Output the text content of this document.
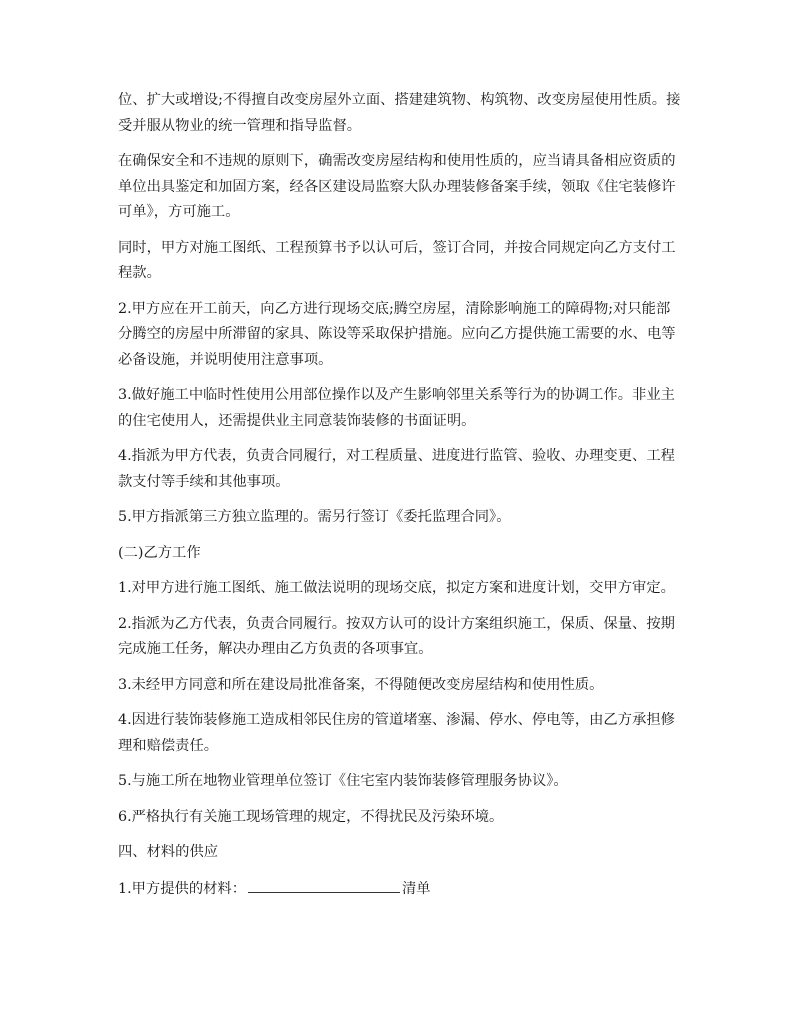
位、扩大或增设;不得擅自改变房屋外立面、搭建建筑物、构筑物、改变房屋使用性质。接受并服从物业的统一管理和指导监督。

在确保安全和不违规的原则下，确需改变房屋结构和使用性质的，应当请具备相应资质的单位出具鉴定和加固方案，经各区建设局监察大队办理装修备案手续，领取《住宅装修许可单》，方可施工。

同时，甲方对施工图纸、工程预算书予以认可后，签订合同，并按合同规定向乙方支付工程款。

2.甲方应在开工前天，向乙方进行现场交底;腾空房屋，清除影响施工的障碍物;对只能部分腾空的房屋中所滞留的家具、陈设等采取保护措施。应向乙方提供施工需要的水、电等必备设施，并说明使用注意事项。

3.做好施工中临时性使用公用部位操作以及产生影响邻里关系等行为的协调工作。非业主的住宅使用人，还需提供业主同意装饰装修的书面证明。

4.指派为甲方代表，负责合同履行，对工程质量、进度进行监管、验收、办理变更、工程款支付等手续和其他事项。

5.甲方指派第三方独立监理的。需另行签订《委托监理合同》。

(二)乙方工作

1.对甲方进行施工图纸、施工做法说明的现场交底，拟定方案和进度计划，交甲方审定。

2.指派为乙方代表，负责合同履行。按双方认可的设计方案组织施工，保质、保量、按期完成施工任务，解决办理由乙方负责的各项事宜。

3.未经甲方同意和所在建设局批准备案，不得随便改变房屋结构和使用性质。

4.因进行装饰装修施工造成相邻民住房的管道堵塞、渗漏、停水、停电等，由乙方承担修理和赔偿责任。

5.与施工所在地物业管理单位签订《住宅室内装饰装修管理服务协议》。

6.严格执行有关施工现场管理的规定，不得扰民及污染环境。

四、材料的供应

1.甲方提供的材料：	清单
